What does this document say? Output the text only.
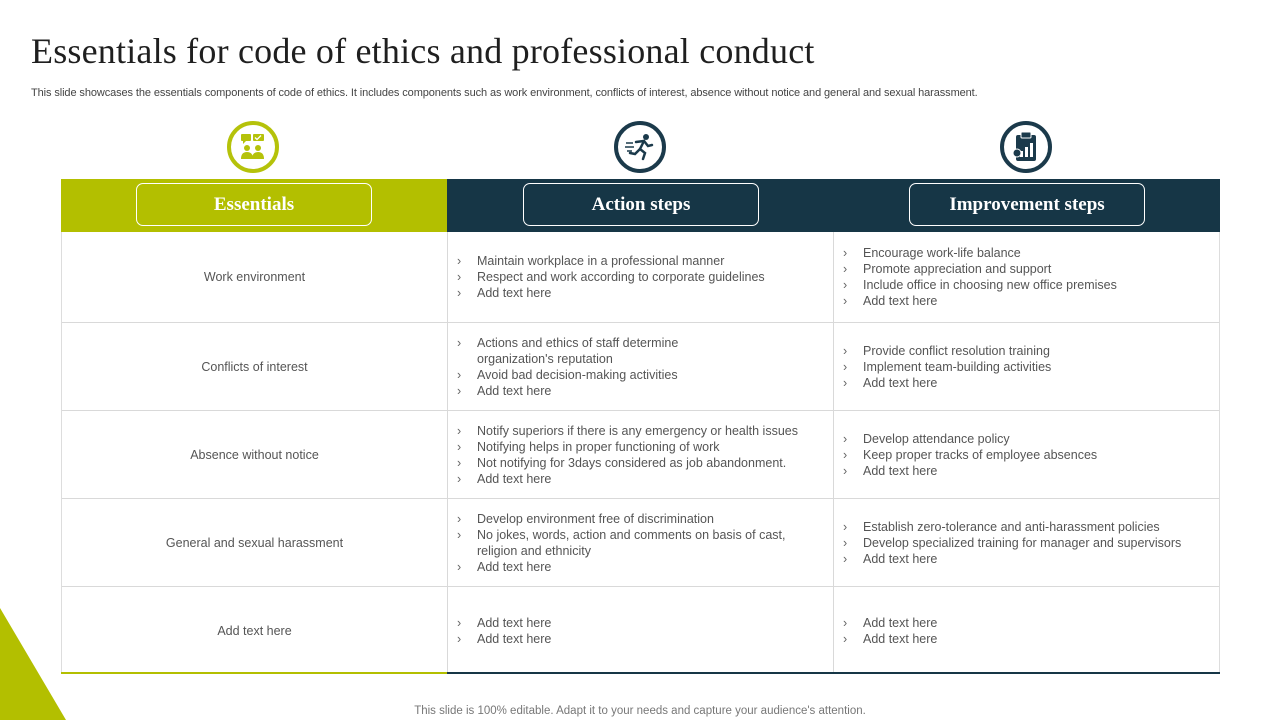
Essentials for code of ethics and professional conduct
This slide showcases the essentials components of code of ethics. It includes components such as work environment, conflicts of interest, absence without notice and general and sexual harassment.
Essentials	Action steps	Improvement steps
Work environment
› Maintain workplace in a professional manner
› Respect and work according to corporate guidelines
› Add text here
› Encourage work-life balance
› Promote appreciation and support
› Include office in choosing new office premises
› Add text here
Conflicts of interest
› Actions and ethics of staff determine
organization's reputation
› Avoid bad decision-making activities
› Add text here
› Provide conflict resolution training
› Implement team-building activities
› Add text here
Absence without notice
› Notify superiors if there is any emergency or health issues
› Notifying helps in proper functioning of work
› Not notifying for 3days considered as job abandonment.
› Add text here
› Develop attendance policy
› Keep proper tracks of employee absences
› Add text here
General and sexual harassment
› Develop environment free of discrimination
› No jokes, words, action and comments on basis of cast,
religion and ethnicity
› Add text here
› Establish zero-tolerance and anti-harassment policies
› Develop specialized training for manager and supervisors
› Add text here
Add text here
› Add text here
› Add text here
› Add text here
› Add text here
This slide is 100% editable. Adapt it to your needs and capture your audience's attention.
